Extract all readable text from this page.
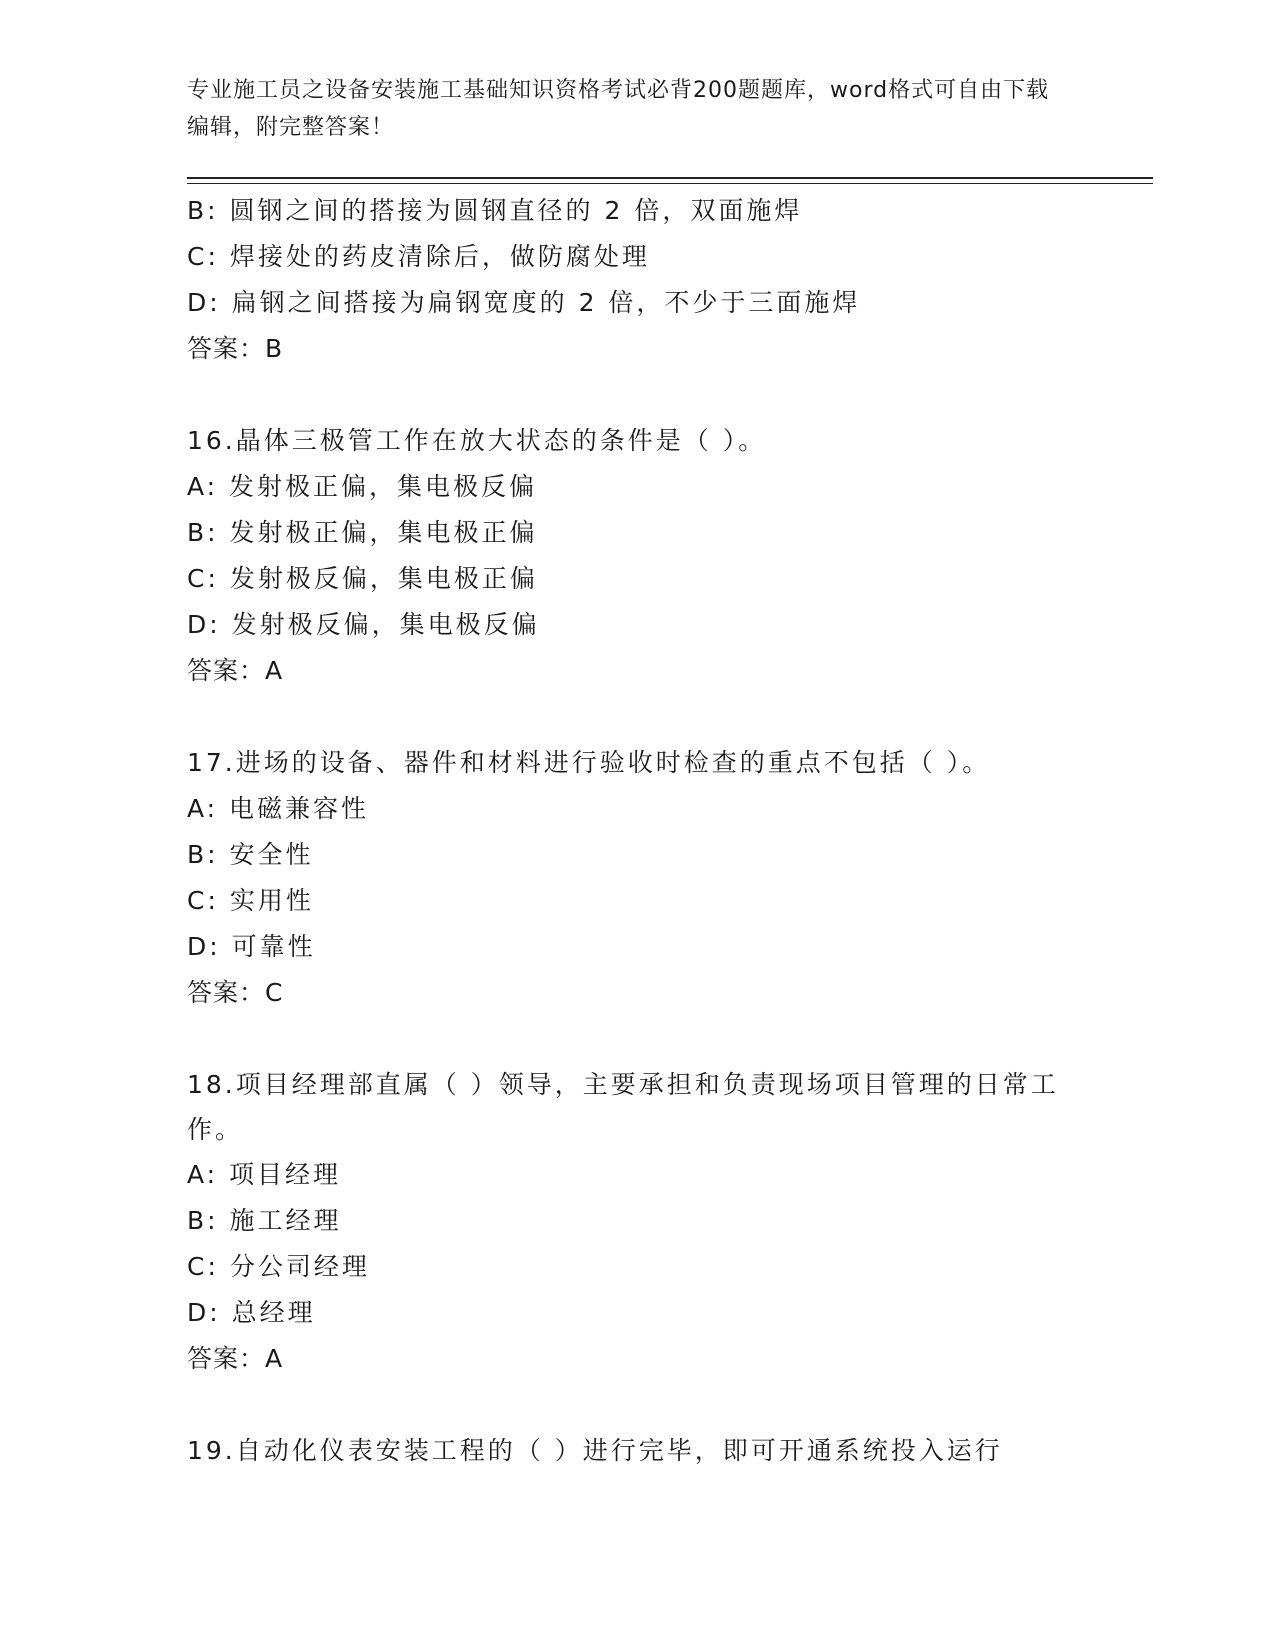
专业施工员之设备安装施工基础知识资格考试必背200题题库，word格式可自由下载编辑，附完整答案！
B: 圆钢之间的搭接为圆钢直径的 2 倍，双面施焊
C: 焊接处的药皮清除后，做防腐处理
D: 扁钢之间搭接为扁钢宽度的 2 倍，不少于三面施焊
答案：B
16.晶体三极管工作在放大状态的条件是（ ）。
A: 发射极正偏，集电极反偏
B: 发射极正偏，集电极正偏
C: 发射极反偏，集电极正偏
D: 发射极反偏，集电极反偏
答案：A
17.进场的设备、器件和材料进行验收时检查的重点不包括（ ）。
A: 电磁兼容性
B: 安全性
C: 实用性
D: 可靠性
答案：C
18.项目经理部直属（ ）领导，主要承担和负责现场项目管理的日常工作。
A: 项目经理
B: 施工经理
C: 分公司经理
D: 总经理
答案：A
19.自动化仪表安装工程的（ ）进行完毕，即可开通系统投入运行
